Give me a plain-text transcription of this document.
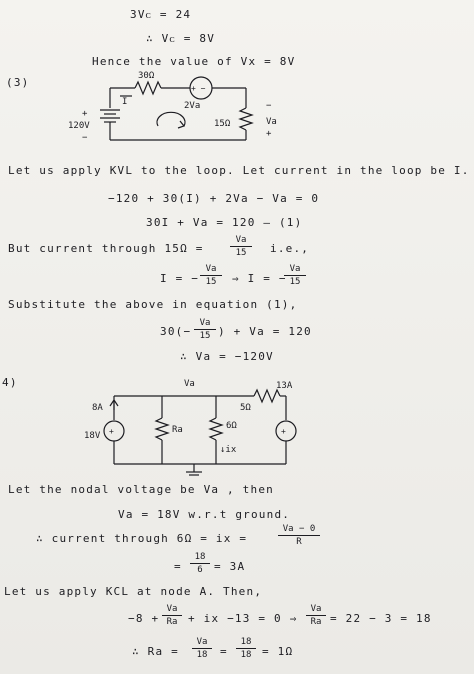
3Vᴄ = 24
∴ Vᴄ = 8V
Hence the value of Vx = 8V
(3)	30Ω
I
+ −
2Va
+
120V
−
15Ω
−
Va
+
Let us apply KVL to the loop. Let current in the loop be I.
−120 + 30(I) + 2Va − Va = 0
30I + Va = 120 — (1)
But current through 15Ω =
Va
15	i.e.,
I = −
Va
15	⇒ I = −
Va
15
Substitute the above in equation (1),
30(−
Va
15 ) + Va = 120
∴ Va = −120V
4)
+	+
Va
8A
13A
5Ω
18V
Ra	6Ω
↓ix
Let the nodal voltage be Va , then
Va = 18V w.r.t ground.
∴ current through 6Ω = ix =
Va − 0
R
=
18
6	= 3A
Let us apply KCL at node A. Then,
−8 +
Va
Ra + ix −13 = 0 ⇒
Va
Ra = 22 − 3 = 18
∴ Ra =
Va
18	=
18
18 = 1Ω
